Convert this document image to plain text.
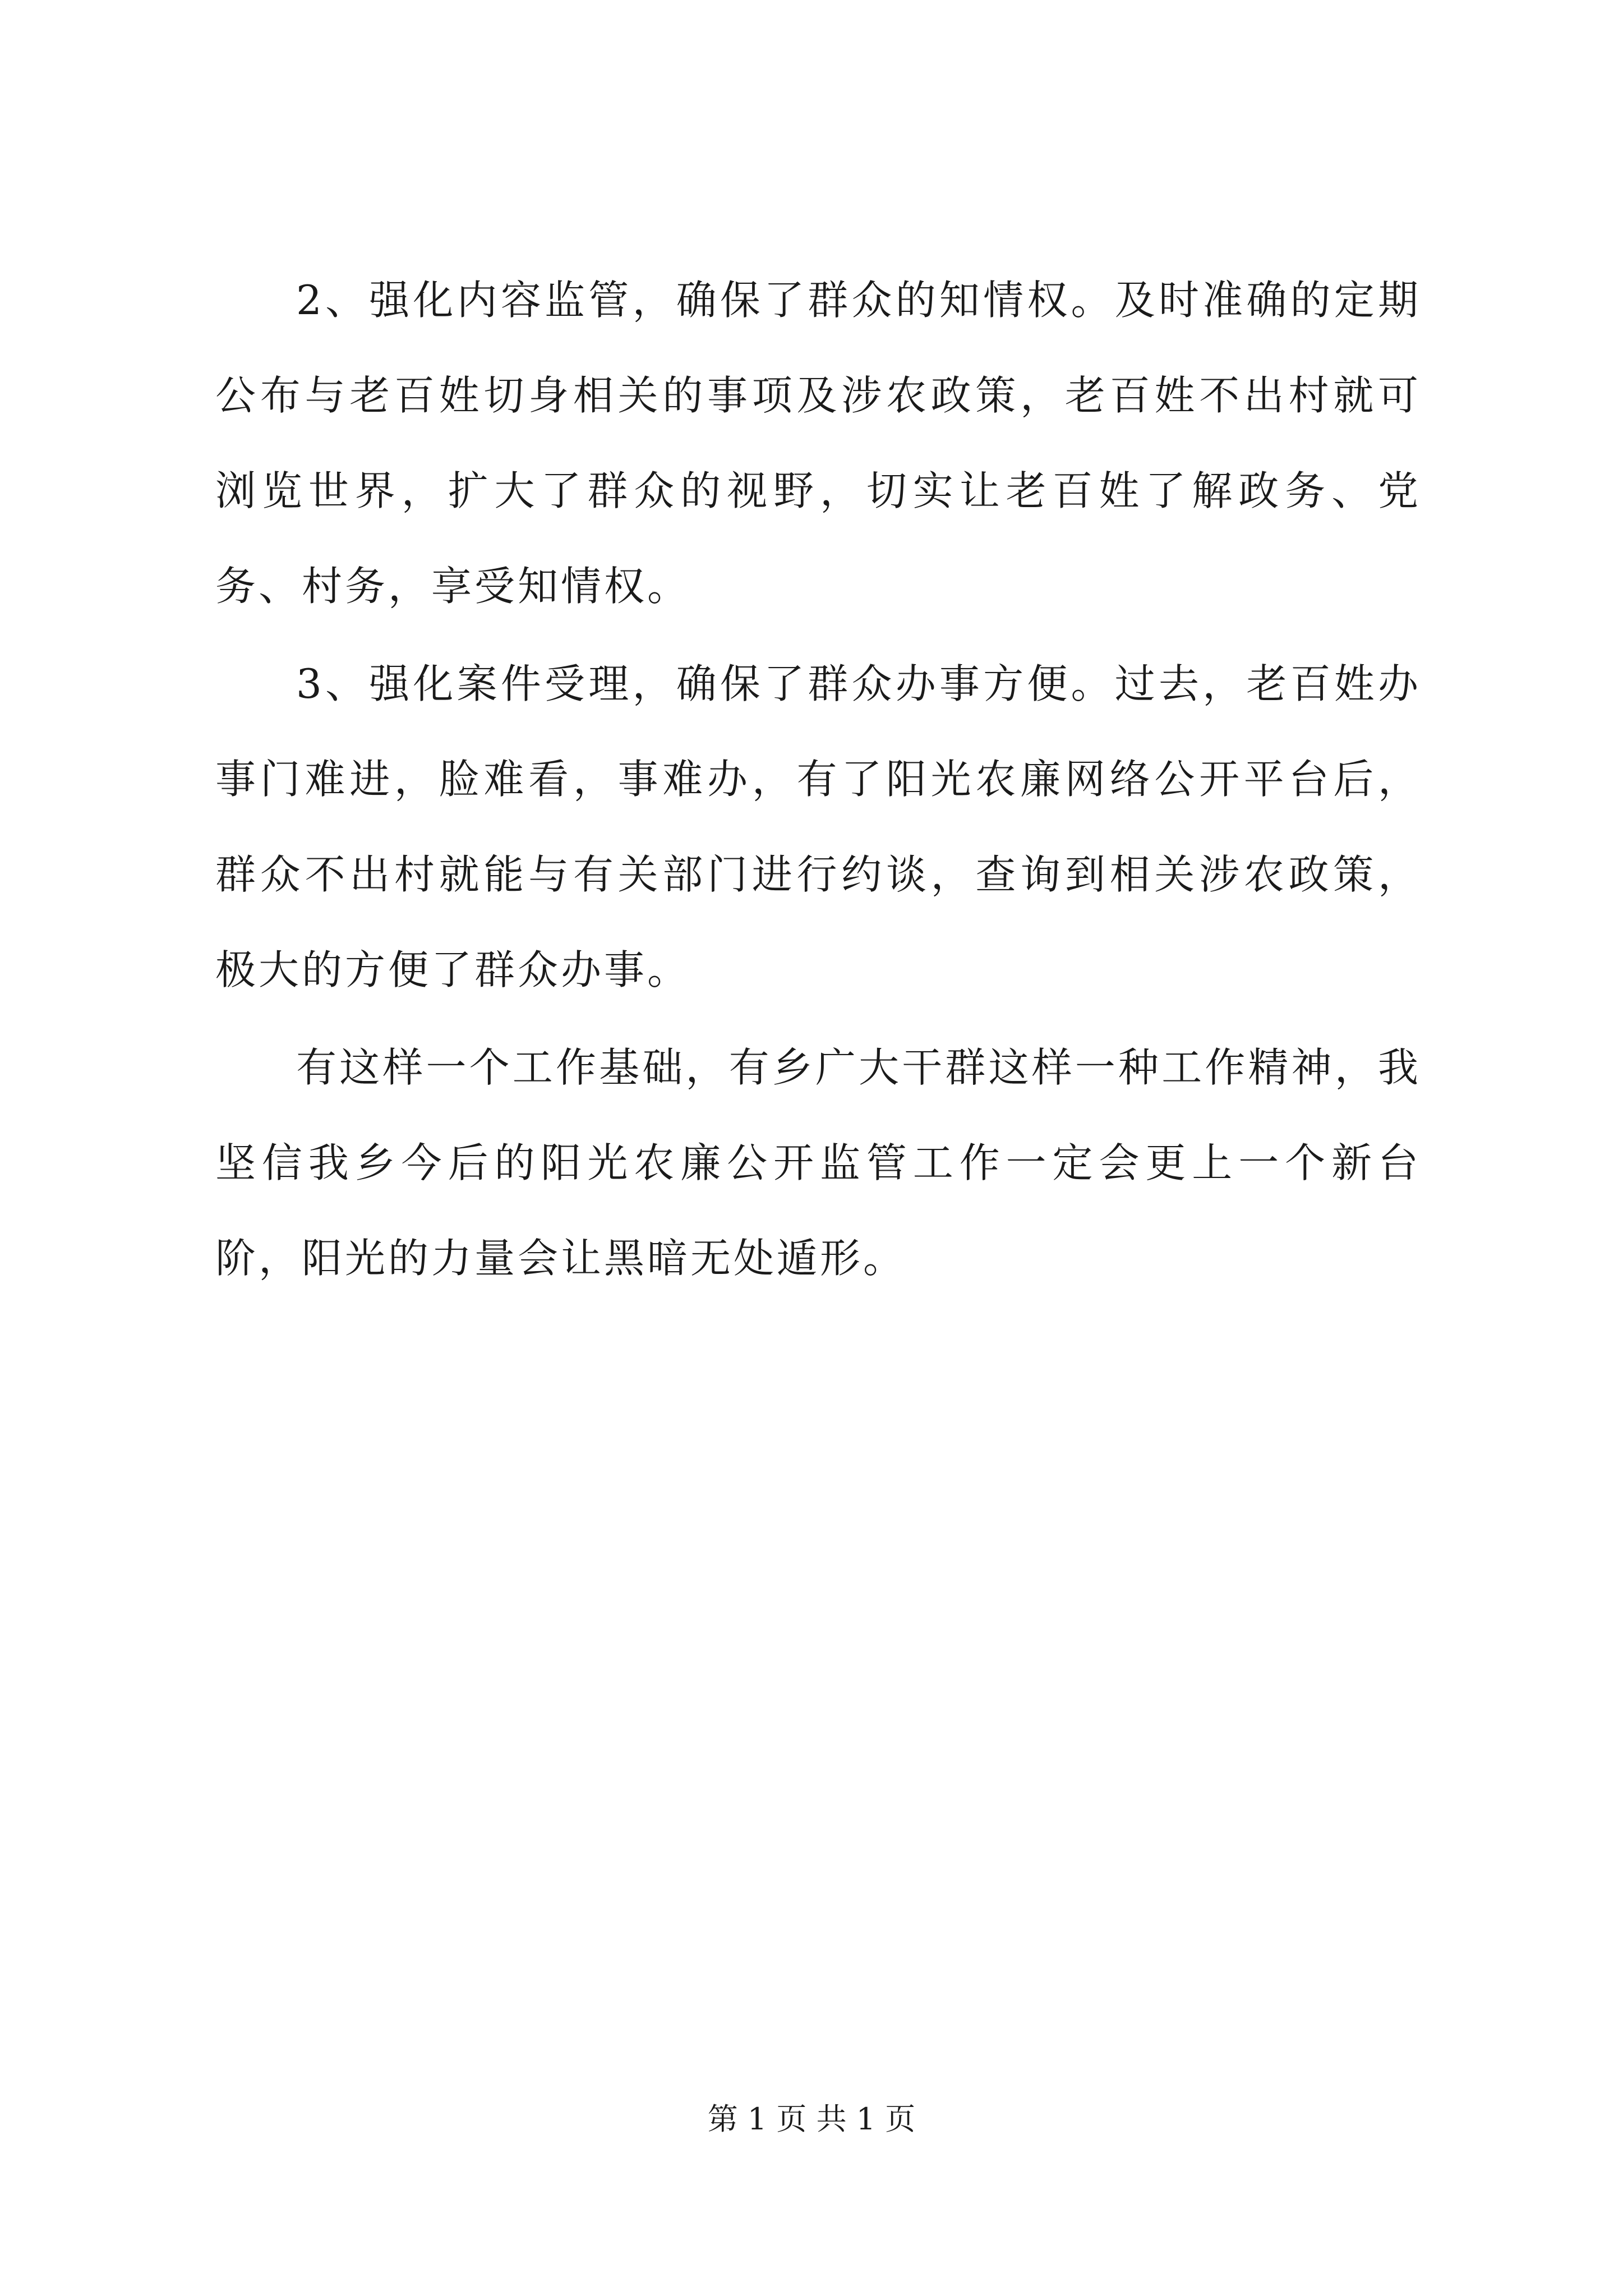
2、强化内容监管，确保了群众的知情权。及时准确的定期公布与老百姓切身相关的事项及涉农政策，老百姓不出村就可浏览世界，扩大了群众的视野，切实让老百姓了解政务、党务、村务，享受知情权。

3、强化案件受理，确保了群众办事方便。过去，老百姓办事门难进，脸难看，事难办，有了阳光农廉网络公开平台后，群众不出村就能与有关部门进行约谈，查询到相关涉农政策，极大的方便了群众办事。

有这样一个工作基础，有乡广大干群这样一种工作精神，我坚信我乡今后的阳光农廉公开监管工作一定会更上一个新台阶，阳光的力量会让黑暗无处遁形。

第 1 页 共 1 页
